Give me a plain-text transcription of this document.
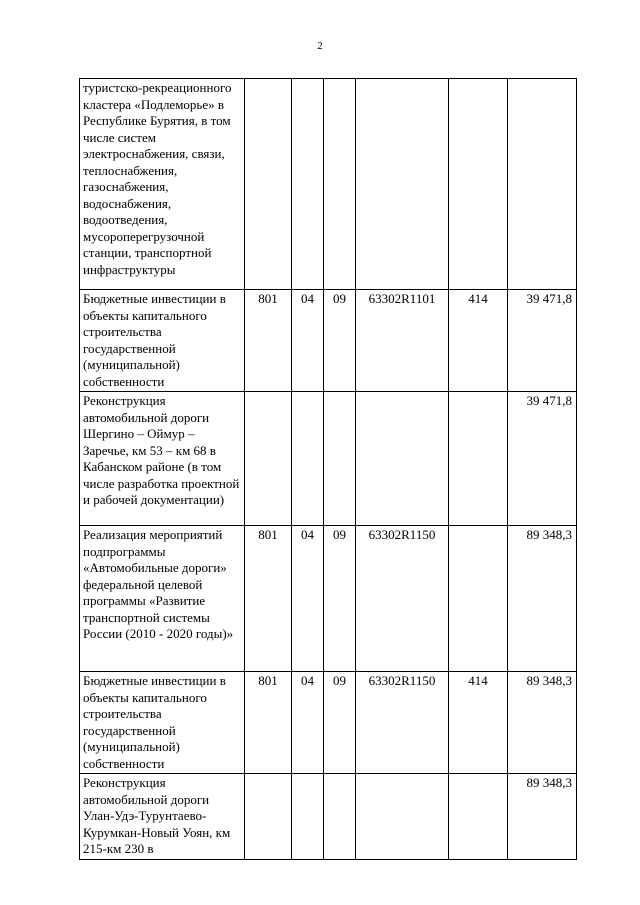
2
туристско-рекреационного кластера «Подлеморье» в Республике Бурятия, в том числе систем электроснабжения, связи, теплоснабжения, газоснабжения, водоснабжения, водоотведения, мусороперегрузочной станции, транспортной инфраструктуры						
Бюджетные инвестиции в объекты капитального строительства государственной (муниципальной) собственности	801	04	09	63302R1101	414	39 471,8
Реконструкция автомобильной дороги Шергино – Оймур – Заречье, км 53 – км 68 в Кабанском районе (в том числе разработка проектной и рабочей документации)						39 471,8
Реализация мероприятий подпрограммы «Автомобильные дороги» федеральной целевой программы «Развитие транспортной системы России (2010 - 2020 годы)»	801	04	09	63302R1150		89 348,3
Бюджетные инвестиции в объекты капитального строительства государственной (муниципальной) собственности	801	04	09	63302R1150	414	89 348,3
Реконструкция автомобильной дороги Улан-Удэ-Турунтаево-Курумкан-Новый Уоян, км 215-км 230 в						89 348,3
